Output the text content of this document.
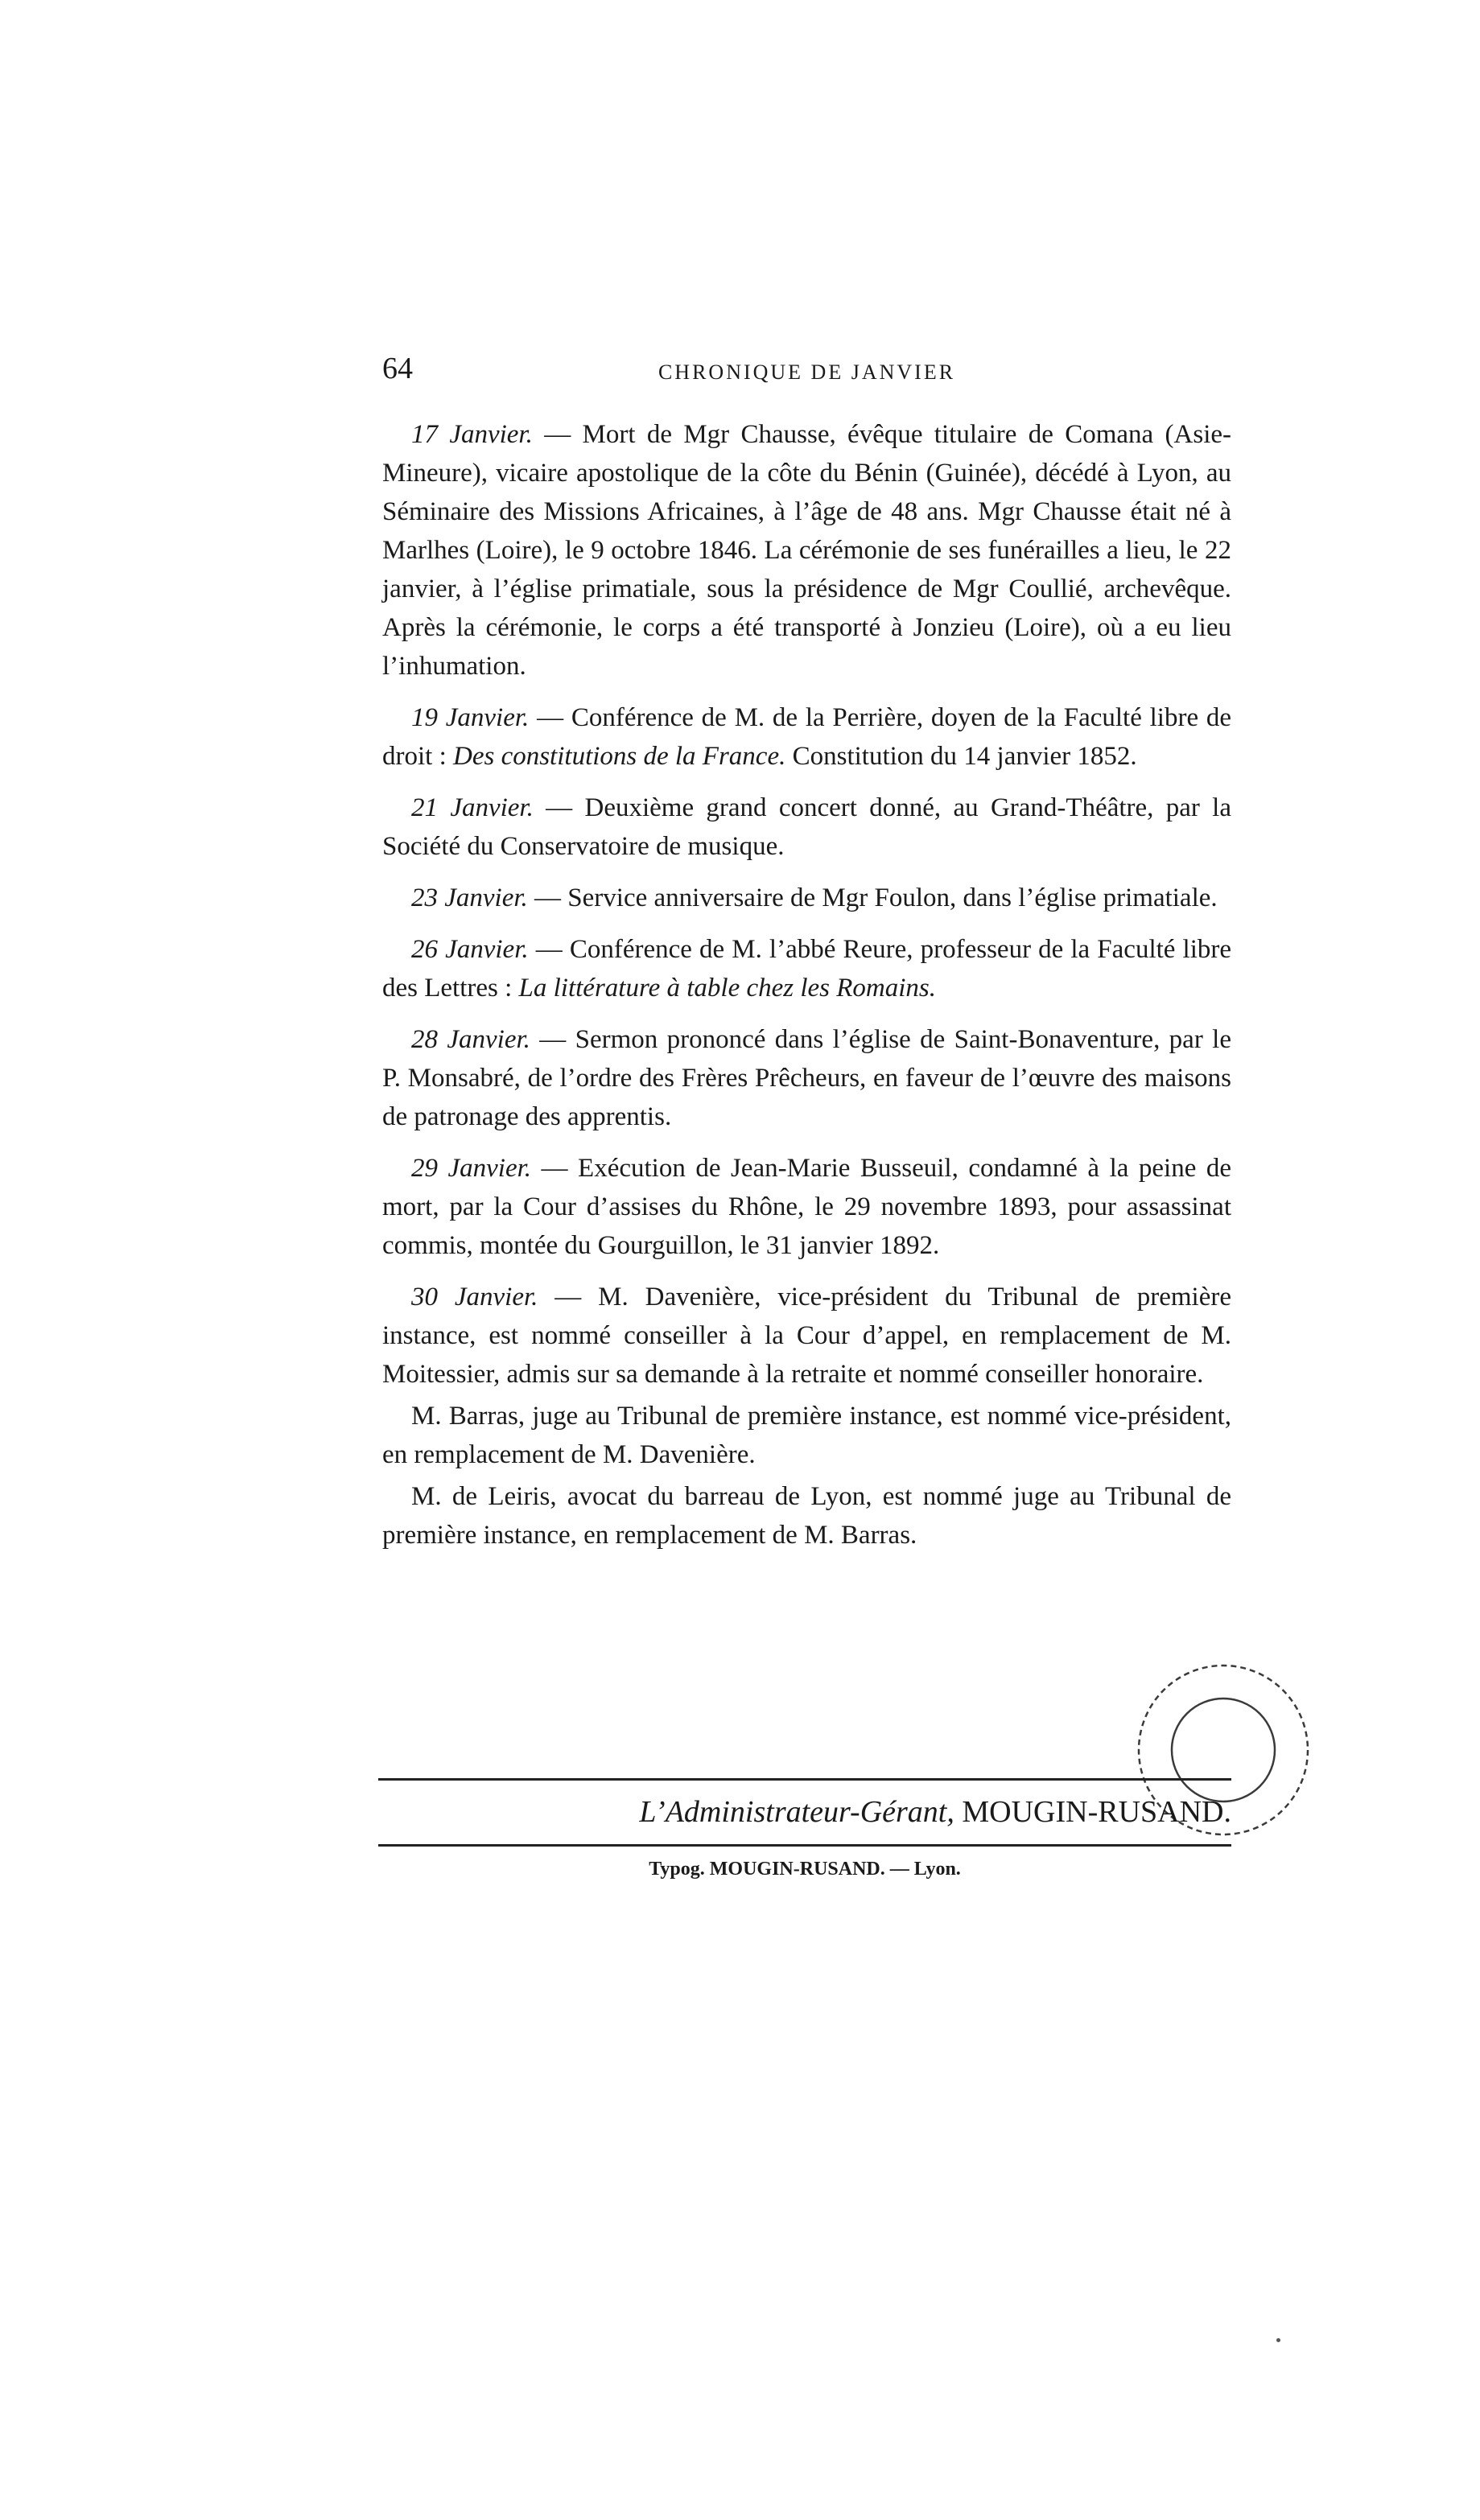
64	CHRONIQUE DE JANVIER

17 Janvier. — Mort de Mgr Chausse, évêque titulaire de Comana (Asie-Mineure), vicaire apostolique de la côte du Bénin (Guinée), décédé à Lyon, au Séminaire des Missions Africaines, à l’âge de 48 ans. Mgr Chausse était né à Marlhes (Loire), le 9 octobre 1846. La cérémonie de ses funérailles a lieu, le 22 janvier, à l’église primatiale, sous la présidence de Mgr Coullié, archevêque. Après la cérémonie, le corps a été transporté à Jonzieu (Loire), où a eu lieu l’inhumation.

19 Janvier. — Conférence de M. de la Perrière, doyen de la Faculté libre de droit : Des constitutions de la France. Constitution du 14 janvier 1852.

21 Janvier. — Deuxième grand concert donné, au Grand-Théâtre, par la Société du Conservatoire de musique.

23 Janvier. — Service anniversaire de Mgr Foulon, dans l’église primatiale.

26 Janvier. — Conférence de M. l’abbé Reure, professeur de la Faculté libre des Lettres : La littérature à table chez les Romains.

28 Janvier. — Sermon prononcé dans l’église de Saint-Bonaventure, par le P. Monsabré, de l’ordre des Frères Prêcheurs, en faveur de l’œuvre des maisons de patronage des apprentis.

29 Janvier. — Exécution de Jean-Marie Busseuil, condamné à la peine de mort, par la Cour d’assises du Rhône, le 29 novembre 1893, pour assassinat commis, montée du Gourguillon, le 31 janvier 1892.

30 Janvier. — M. Davenière, vice-président du Tribunal de première instance, est nommé conseiller à la Cour d’appel, en remplacement de M. Moitessier, admis sur sa demande à la retraite et nommé conseiller honoraire.

M. Barras, juge au Tribunal de première instance, est nommé vice-président, en remplacement de M. Davenière.

M. de Leiris, avocat du barreau de Lyon, est nommé juge au Tribunal de première instance, en remplacement de M. Barras.

L’Administrateur-Gérant, MOUGIN-RUSAND.
Typog. MOUGIN-RUSAND. — Lyon.
